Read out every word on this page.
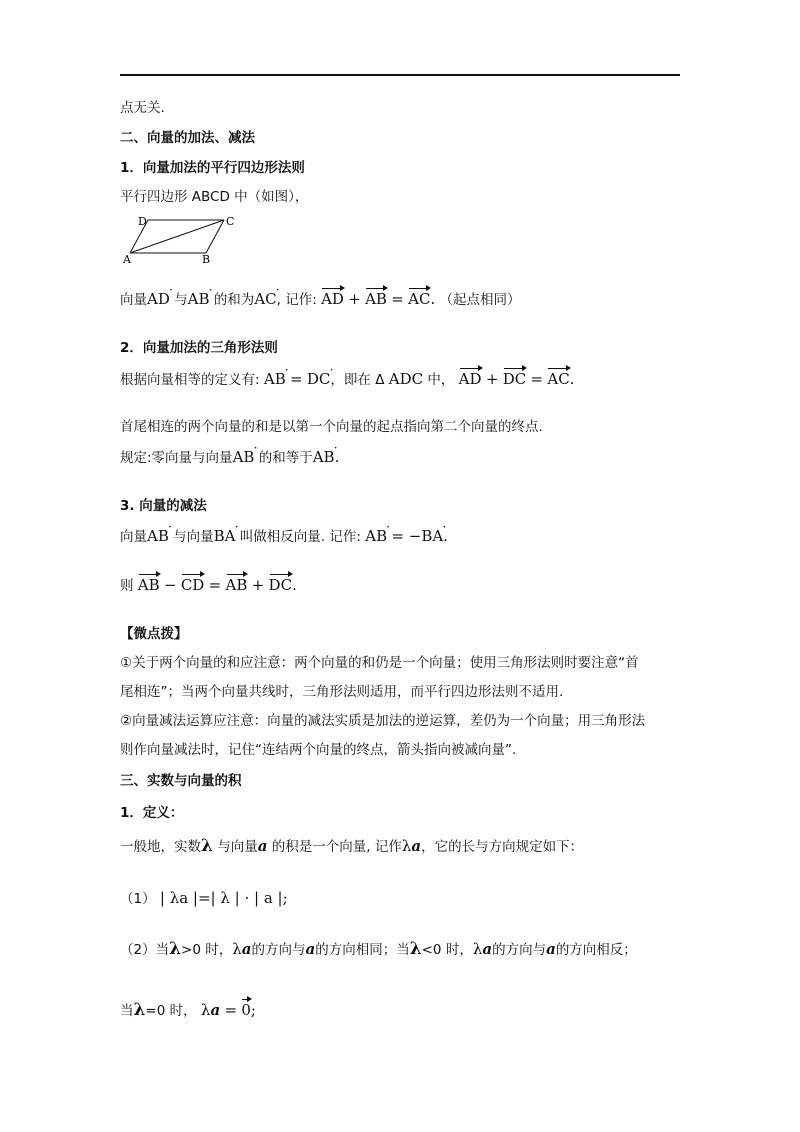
点无关.
二、向量的加法、减法
1．向量加法的平行四边形法则
平行四边形 ABCD 中（如图），
D	C
A	B
向量AD · 与AB · 的和为AC ·, 记作: AD + AB = AC. （起点相同）
2．向量加法的三角形法则
根据向量相等的定义有: AB · = DC ·，即在 Δ ADC 中， AD + DC = AC.
首尾相连的两个向量的和是以第一个向量的起点指向第二个向量的终点.
规定:零向量与向量AB · 的和等于AB ·.
3. 向量的减法
向量AB · 与向量BA · 叫做相反向量. 记作: AB · = −BA ·.
则 AB − CD = AB + DC.
【微点拨】
①关于两个向量的和应注意：两个向量的和仍是一个向量；使用三角形法则时要注意“首
尾相连”；当两个向量共线时，三角形法则适用，而平行四边形法则不适用.
②向量减法运算应注意：向量的减法实质是加法的逆运算，差仍为一个向量；用三角形法
则作向量减法时，记住“连结两个向量的终点，箭头指向被减向量”.
三、实数与向量的积
1．定义：
一般地，实数λ 与向量a 的积是一个向量, 记作λa，它的长与方向规定如下：
（1） | λa |=| λ | · | a |;
（2）当λ>0 时，λa的方向与a的方向相同；当λ<0 时，λa的方向与a的方向相反；
当λ=0 时， λa = 0;
